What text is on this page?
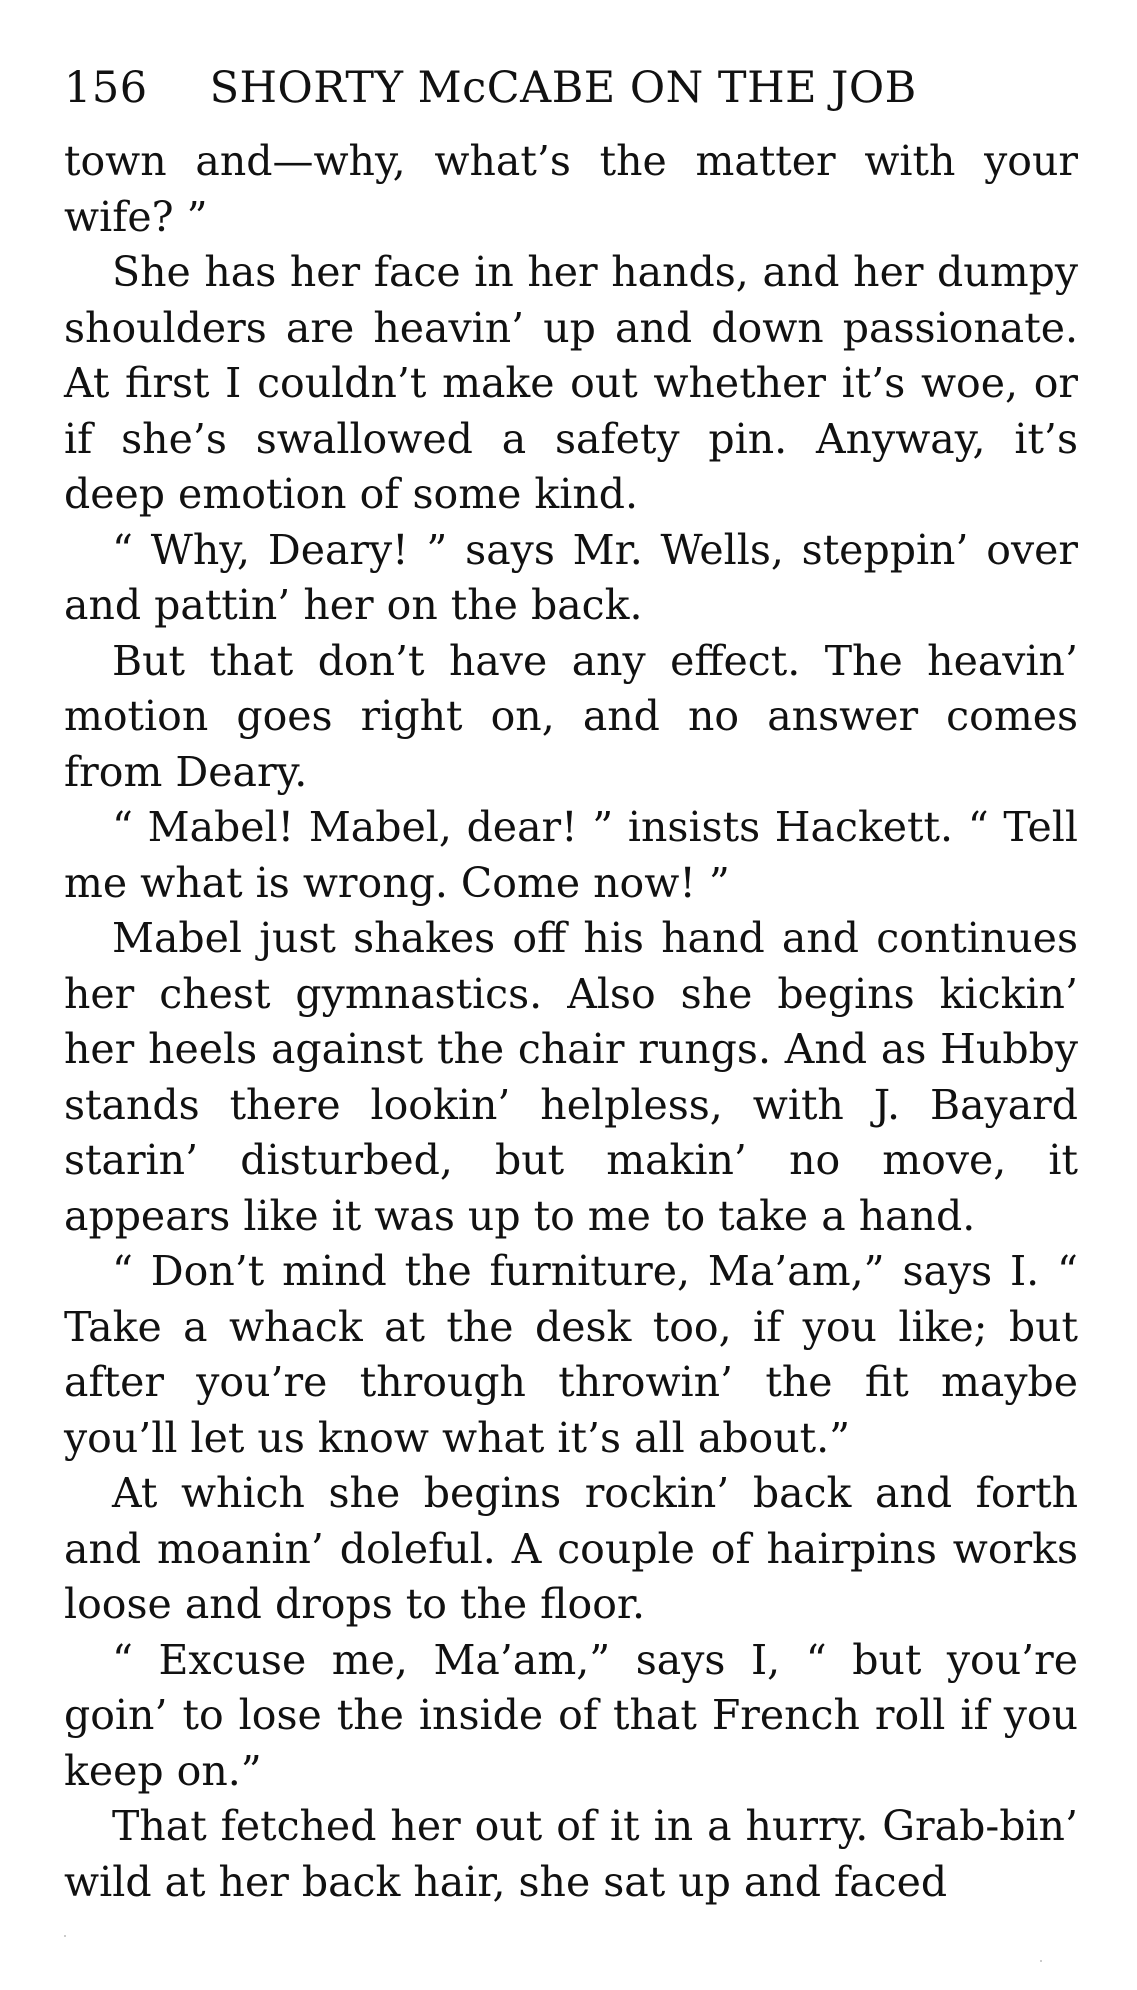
156 SHORTY McCABE ON THE JOB

town and—why, what’s the matter with your wife? ”

She has her face in her hands, and her dumpy shoulders are heavin’ up and down passionate. At first I couldn’t make out whether it’s woe, or if she’s swallowed a safety pin. Anyway, it’s deep emotion of some kind.

“ Why, Deary! ” says Mr. Wells, steppin’ over and pattin’ her on the back.

But that don’t have any effect. The heavin’ motion goes right on, and no answer comes from Deary.

“ Mabel! Mabel, dear! ” insists Hackett. “ Tell me what is wrong. Come now! ”

Mabel just shakes off his hand and continues her chest gymnastics. Also she begins kickin’ her heels against the chair rungs. And as Hubby stands there lookin’ helpless, with J. Bayard starin’ disturbed, but makin’ no move, it appears like it was up to me to take a hand.

“ Don’t mind the furniture, Ma’am,” says I. “ Take a whack at the desk too, if you like; but after you’re through throwin’ the fit maybe you’ll let us know what it’s all about.”

At which she begins rockin’ back and forth and moanin’ doleful. A couple of hairpins works loose and drops to the floor.

“ Excuse me, Ma’am,” says I, “ but you’re goin’ to lose the inside of that French roll if you keep on.”

That fetched her out of it in a hurry. Grab-bin’ wild at her back hair, she sat up and faced
